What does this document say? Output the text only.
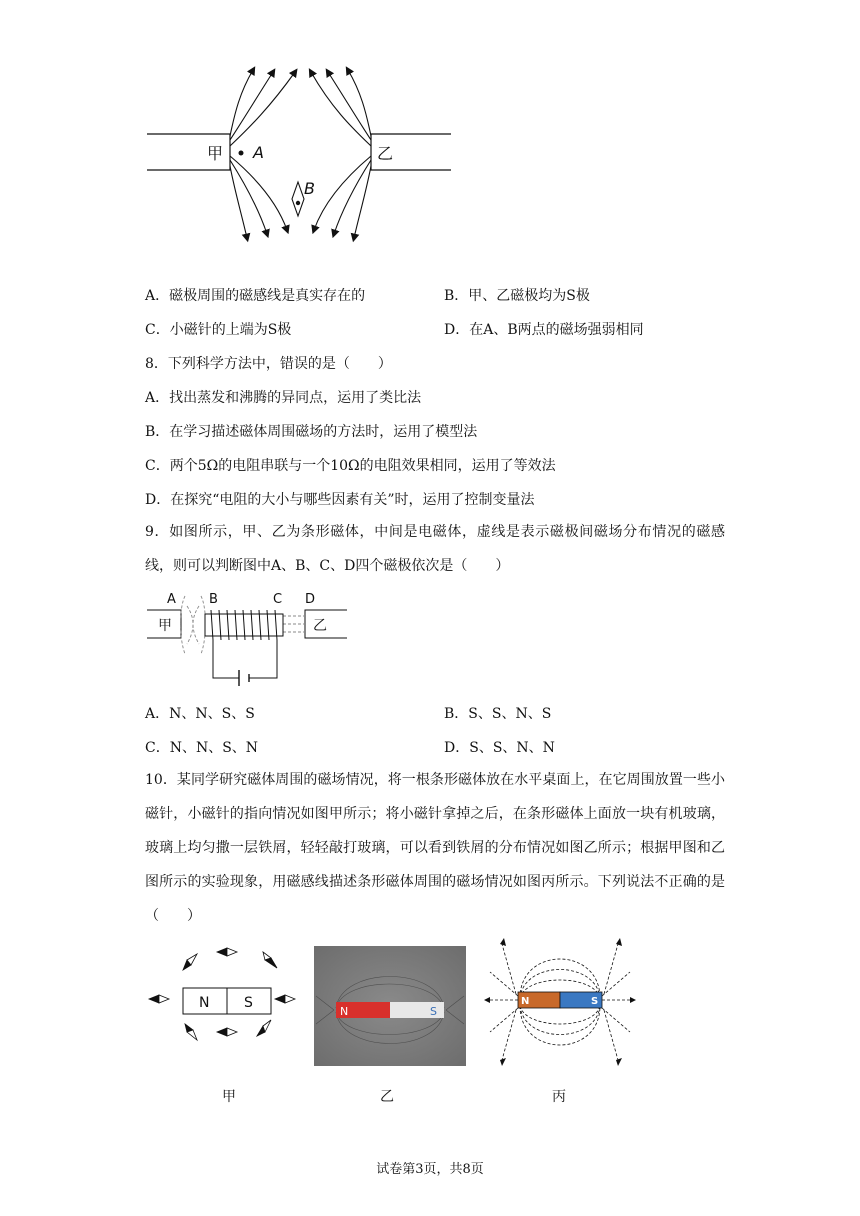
A
B
甲	乙
A．磁极周围的磁感线是真实存在的	B．甲、乙磁极均为S极
C．小磁针的上端为S极	D．在A、B两点的磁场强弱相同
8．下列科学方法中，错误的是（　　）
A．找出蒸发和沸腾的异同点，运用了类比法
B．在学习描述磁体周围磁场的方法时，运用了模型法
C．两个5Ω的电阻串联与一个10Ω的电阻效果相同，运用了等效法
D．在探究“电阻的大小与哪些因素有关”时，运用了控制变量法
9．如图所示，甲、乙为条形磁体，中间是电磁体，虚线是表示磁极间磁场分布情况的磁感线，则可以判断图中A、B、C、D四个磁极依次是（　　）
A	B	C D
甲	乙
A．N、N、S、S	B．S、S、N、S
C．N、N、S、N	D．S、S、N、N
10．某同学研究磁体周围的磁场情况，将一根条形磁体放在水平桌面上，在它周围放置一些小磁针，小磁针的指向情况如图甲所示；将小磁针拿掉之后，在条形磁体上面放一块有机玻璃，玻璃上均匀撒一层铁屑，轻轻敲打玻璃，可以看到铁屑的分布情况如图乙所示；根据甲图和乙图所示的实验现象，用磁感线描述条形磁体周围的磁场情况如图丙所示。下列说法不正确的是（　　）
N S
甲
N	S
乙
N	S
丙
试卷第3页，共8页
